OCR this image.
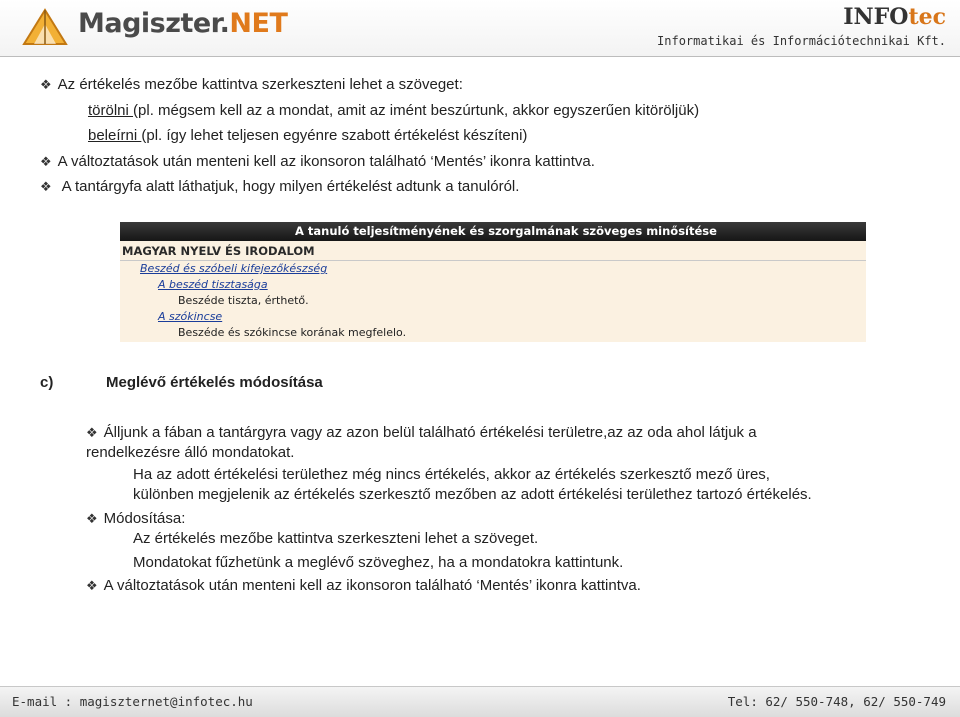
Magiszter.NET	INFOtec
Informatikai és Információtechnikai Kft.
❖ Az értékelés mezőbe kattintva szerkeszteni lehet a szöveget:
törölni (pl. mégsem kell az a mondat, amit az imént beszúrtunk, akkor egyszerűen kitöröljük)
beleírni (pl. így lehet teljesen egyénre szabott értékelést készíteni)
❖ A változtatások után menteni kell az ikonsoron található ‘Mentés’ ikonra kattintva.
❖ A tantárgyfa alatt láthatjuk, hogy milyen értékelést adtunk a tanulóról.
A tanuló teljesítményének és szorgalmának szöveges minősítése
MAGYAR NYELV ÉS IRODALOM
Beszéd és szóbeli kifejezőkészség
A beszéd tisztasága
Beszéde tiszta, érthető.
A szókincse
Beszéde és szókincse korának megfelelo.
c)	Meglévő értékelés módosítása
❖ Álljunk a fában a tantárgyra vagy az azon belül található értékelési területre,az az oda ahol látjuk a
rendelkezésre álló mondatokat.
Ha az adott értékelési területhez még nincs értékelés, akkor az értékelés szerkesztő mező üres,
különben megjelenik az értékelés szerkesztő mezőben az adott értékelési területhez tartozó értékelés.
❖ Módosítása:
Az értékelés mezőbe kattintva szerkeszteni lehet a szöveget.
Mondatokat fűzhetünk a meglévő szöveghez, ha a mondatokra kattintunk.
❖ A változtatások után menteni kell az ikonsoron található ‘Mentés’ ikonra kattintva.
E-mail : magiszternet@infotec.hu	Tel: 62/ 550-748, 62/ 550-749
